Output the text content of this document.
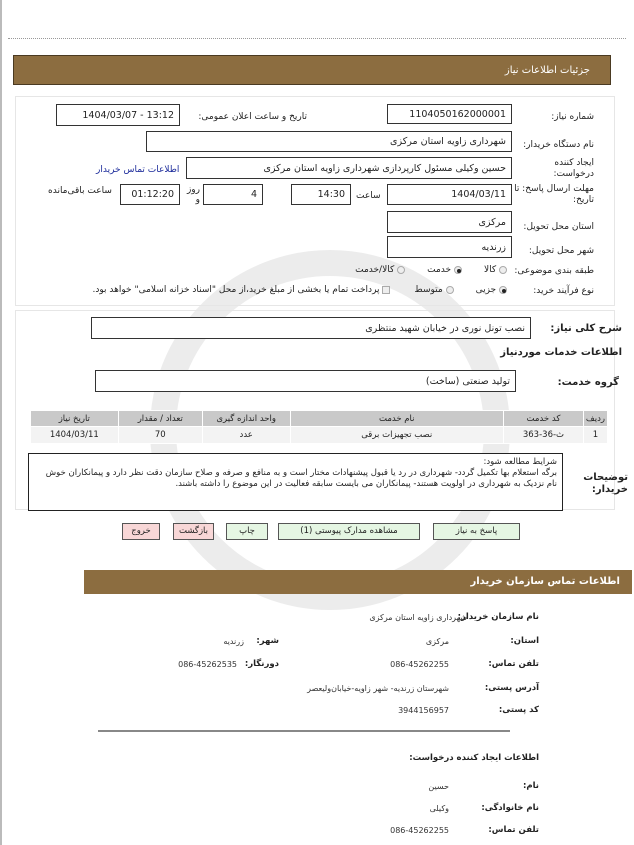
جزئیات اطلاعات نیاز
شماره نیاز:
1104050162000001
تاریخ و ساعت اعلان عمومی:
1404/03/07 - 13:12
نام دستگاه خریدار:
شهرداری زاویه استان مرکزی
ایجاد کننده درخواست:
حسین وکیلی مسئول کارپردازی شهرداری زاویه استان مرکزی
اطلاعات تماس خریدار
مهلت ارسال پاسخ: تا تاریخ:
1404/03/11
ساعت
14:30
روز و	4
01:12:20
ساعت باقی‌مانده
استان محل تحویل:
مرکزی
شهر محل تحویل:
زرندیه
طبقه بندی موضوعی:
کالا
خدمت
کالا/خدمت
نوع فرآیند خرید:
جزیی
متوسط
پرداخت تمام یا بخشی از مبلغ خرید،از محل "اسناد خزانه اسلامی" خواهد بود.
شرح کلی نیاز:
نصب تونل نوری در خیابان شهید منتظری
اطلاعات خدمات موردنیاز
گروه خدمت:
تولید صنعتی (ساخت)
ردیف	کد خدمت	نام خدمت	واحد اندازه گیری	تعداد / مقدار	تاریخ نیاز
1	ث-36-363	نصب تجهیزات برقی	عدد	70	1404/03/11
توضیحات خریدار:
شرایط مطالعه شود:
برگه استعلام بها تکمیل گردد- شهرداری در رد یا قبول پیشنهادات مختار است و به منافع و صرفه و صلاح سازمان دقت نظر دارد و پیمانکاران خوش نام نزدیک به شهرداری در اولویت هستند- پیمانکاران می بایست سابقه فعالیت در این موضوع را داشته باشند.
پاسخ به نیاز
مشاهده مدارک پیوستی (1)
چاپ
بازگشت
خروج
اطلاعات تماس سازمان خریدار
نام سازمان خریدار:
شهرداری زاویه استان مرکزی
استان:
مرکزی
شهر:
زرندیه
تلفن تماس:
086-45262255
دورنگار:
086-45262535
آدرس پستی:
شهرستان زرندیه- شهر زاویه-خیابان‌ولیعصر
کد پستی:
3944156957
اطلاعات ایجاد کننده درخواست:
نام:
حسین
نام خانوادگی:
وکیلی
تلفن تماس:
086-45262255
